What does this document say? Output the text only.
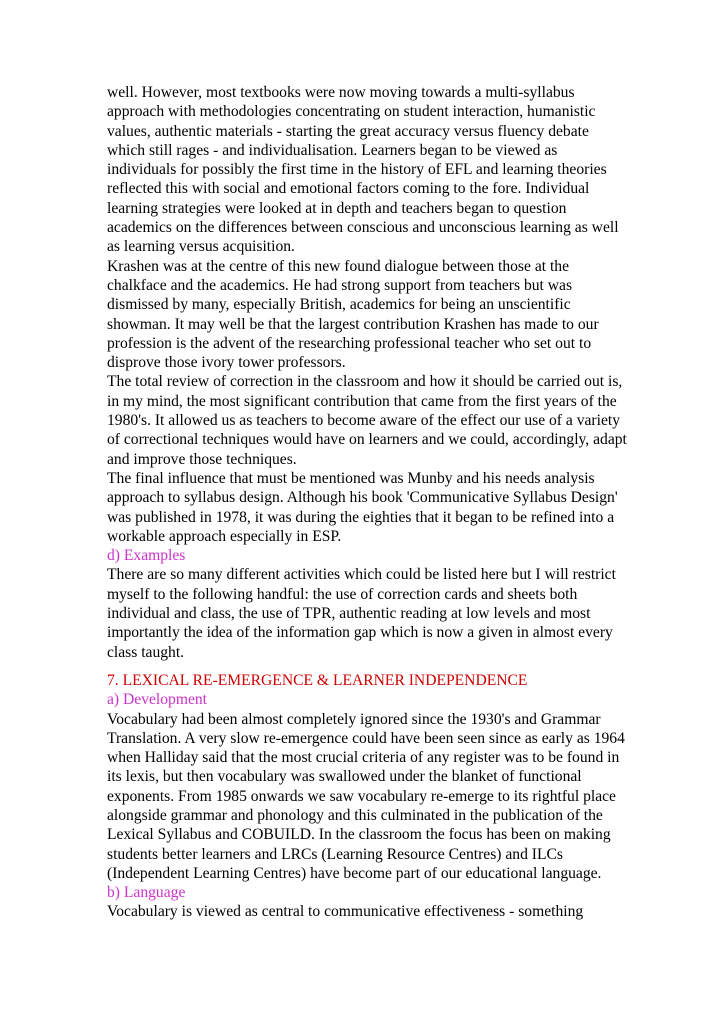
well. However, most textbooks were now moving towards a multi-syllabus approach with methodologies concentrating on student interaction, humanistic values, authentic materials - starting the great accuracy versus fluency debate which still rages - and individualisation. Learners began to be viewed as individuals for possibly the first time in the history of EFL and learning theories reflected this with social and emotional factors coming to the fore. Individual learning strategies were looked at in depth and teachers began to question academics on the differences between conscious and unconscious learning as well as learning versus acquisition.

Krashen was at the centre of this new found dialogue between those at the chalkface and the academics. He had strong support from teachers but was dismissed by many, especially British, academics for being an unscientific showman. It may well be that the largest contribution Krashen has made to our profession is the advent of the researching professional teacher who set out to disprove those ivory tower professors.

The total review of correction in the classroom and how it should be carried out is, in my mind, the most significant contribution that came from the first years of the 1980's. It allowed us as teachers to become aware of the effect our use of a variety of correctional techniques would have on learners and we could, accordingly, adapt and improve those techniques.

The final influence that must be mentioned was Munby and his needs analysis approach to syllabus design. Although his book 'Communicative Syllabus Design' was published in 1978, it was during the eighties that it began to be refined into a workable approach especially in ESP.

d) Examples

There are so many different activities which could be listed here but I will restrict myself to the following handful: the use of correction cards and sheets both individual and class, the use of TPR, authentic reading at low levels and most importantly the idea of the information gap which is now a given in almost every class taught.

7. LEXICAL RE-EMERGENCE & LEARNER INDEPENDENCE

a) Development

Vocabulary had been almost completely ignored since the 1930's and Grammar Translation. A very slow re-emergence could have been seen since as early as 1964 when Halliday said that the most crucial criteria of any register was to be found in its lexis, but then vocabulary was swallowed under the blanket of functional exponents. From 1985 onwards we saw vocabulary re-emerge to its rightful place alongside grammar and phonology and this culminated in the publication of the Lexical Syllabus and COBUILD. In the classroom the focus has been on making students better learners and LRCs (Learning Resource Centres) and ILCs (Independent Learning Centres) have become part of our educational language.

b) Language

Vocabulary is viewed as central to communicative effectiveness - something
